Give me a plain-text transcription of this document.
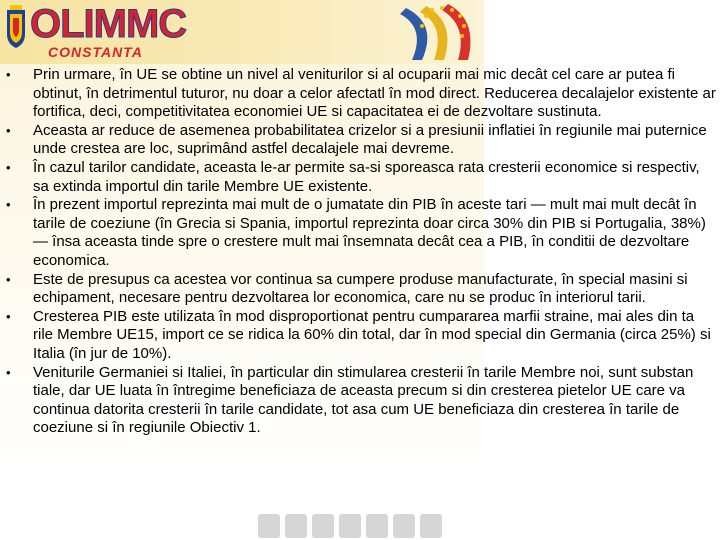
OLIMMC
CONSTANTA
•	Prin urmare, în UE se obtine un nivel al veniturilor si al ocuparii mai mic decât cel care ar putea fi obtinut, în detrimentul tuturor, nu doar a celor afectatl în mod direct. Reducerea decalajelor existente ar fortifica, deci, competitivitatea economiei UE si capacitatea ei de dezvoltare sustinuta.
•	Aceasta ar reduce de asemenea probabilitatea crizelor si a presiunii inflatiei în regiunile mai puternice unde crestea are loc, suprimând astfel decalajele mai devreme.
•	În cazul tarilor candidate, aceasta le-ar permite sa-si sporeasca rata cresterii economice si respectiv, sa extinda importul din tarile Membre UE existente.
•	În prezent importul reprezinta mai mult de o jumatate din PIB în aceste tari — mult mai mult decât în tarile de coeziune (în Grecia si Spania, importul reprezinta doar circa 30% din PIB si Portugalia, 38%) — însa aceasta tinde spre o crestere mult mai însemnata decât cea a PIB, în conditii de dezvoltare economica.
•	Este de presupus ca acestea vor continua sa cumpere produse manufacturate, în special masini si echipament, necesare pentru dezvoltarea lor economica, care nu se produc în interiorul tarii.
•	Cresterea PIB este utilizata în mod disproportionat pentru cumpararea marfii straine, mai ales din ta rile Membre UE15, import ce se ridica la 60% din total, dar în mod special din Germania (circa 25%) si Italia (în jur de 10%).
•	Veniturile Germaniei si Italiei, în particular din stimularea cresterii în tarile Membre noi, sunt substan tiale, dar UE luata în întregime beneficiaza de aceasta precum si din cresterea pietelor UE care va continua datorita cresterii în tarile candidate, tot asa cum UE beneficiaza din cresterea în tarile de coeziune si în regiunile Obiectiv 1.
